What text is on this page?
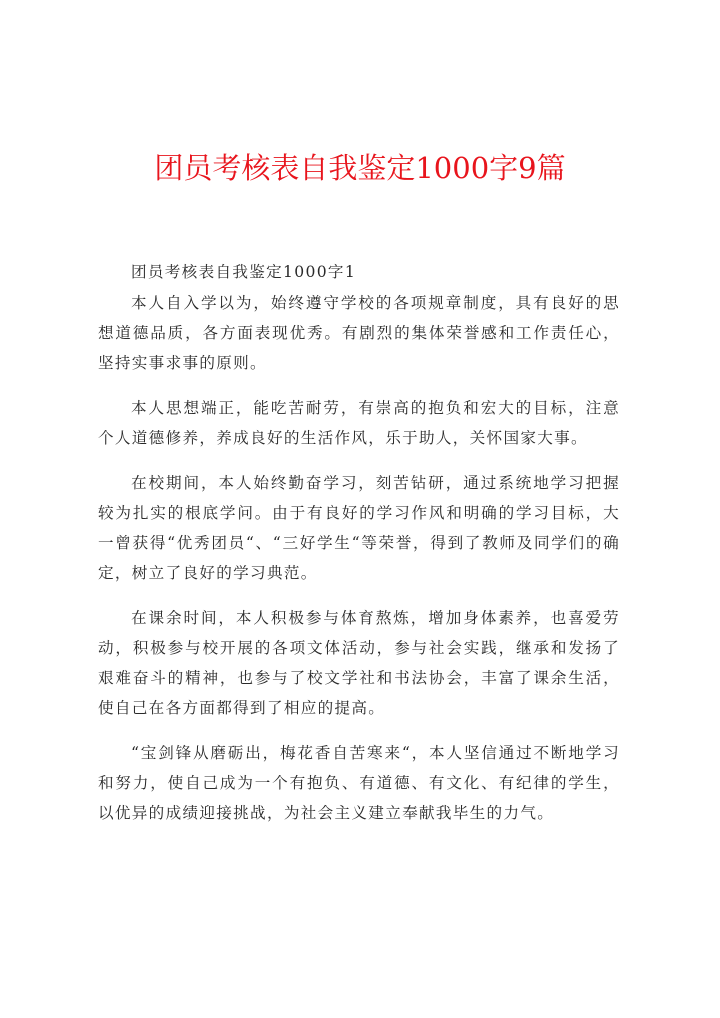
团员考核表自我鉴定1000字9篇
团员考核表自我鉴定1000字1

本人自入学以为，始终遵守学校的各项规章制度，具有良好的思想道德品质，各方面表现优秀。有剧烈的集体荣誉感和工作责任心，坚持实事求事的原则。

本人思想端正，能吃苦耐劳，有崇高的抱负和宏大的目标，注意个人道德修养，养成良好的生活作风，乐于助人，关怀国家大事。

在校期间，本人始终勤奋学习，刻苦钻研，通过系统地学习把握较为扎实的根底学问。由于有良好的学习作风和明确的学习目标，大一曾获得“优秀团员“、“三好学生“等荣誉，得到了教师及同学们的确定，树立了良好的学习典范。

在课余时间，本人积极参与体育熬炼，增加身体素养，也喜爱劳动，积极参与校开展的各项文体活动，参与社会实践，继承和发扬了艰难奋斗的精神，也参与了校文学社和书法协会，丰富了课余生活，使自己在各方面都得到了相应的提高。

“宝剑锋从磨砺出，梅花香自苦寒来“，本人坚信通过不断地学习和努力，使自己成为一个有抱负、有道德、有文化、有纪律的学生，以优异的成绩迎接挑战，为社会主义建立奉献我毕生的力气。
